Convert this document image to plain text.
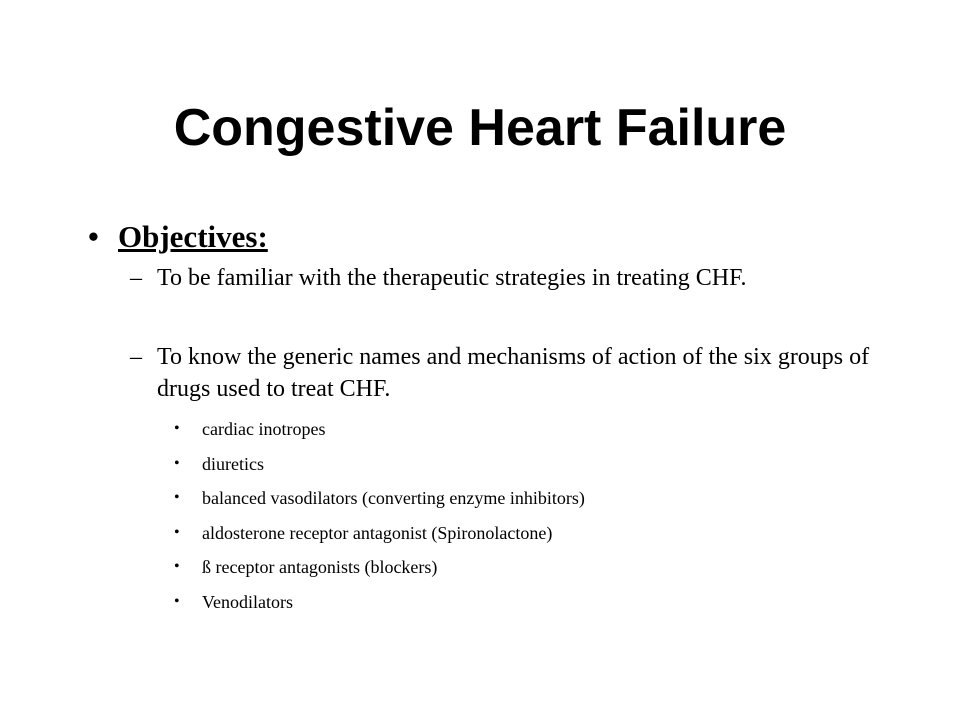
Congestive Heart Failure
• Objectives:
– To be familiar with the therapeutic strategies in treating CHF.
– To know the generic names and mechanisms of action of the six groups of drugs used to treat CHF.
• cardiac inotropes
• diuretics
• balanced vasodilators (converting enzyme inhibitors)
• aldosterone receptor antagonist (Spironolactone)
• ß receptor antagonists (blockers)
• Venodilators
